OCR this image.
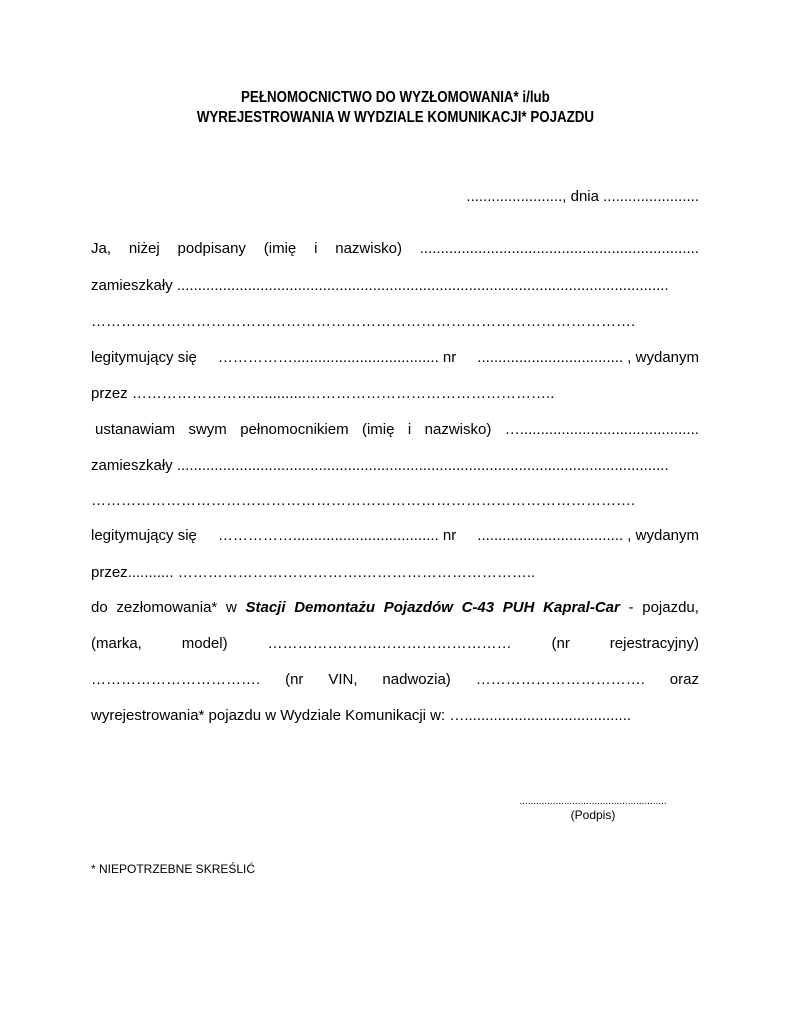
PEŁNOMOCNICTWO DO WYZŁOMOWANIA* i/lub
WYREJESTROWANIA W WYDZIALE KOMUNIKACJI* POJAZDU
......................., dnia .......................
Ja, niżej podpisany (imię i nazwisko) ...................................................................
zamieszkały ......................................................................................................................
……………………………………………………………………………………………….
legitymujący się ……………................................... nr ................................... , wydanym
przez …………………….............…………………………………………..
ustanawiam swym pełnomocnikiem (imię i nazwisko) …...........................................
zamieszkały ......................................................................................................................
……………………………………………………………………………………………….
legitymujący się ……………................................... nr ................................... , wydanym
przez........... ……………………………….……………………………..
do zezłomowania* w Stacji Demontażu Pojazdów C-43 PUH Kapral-Car - pojazdu,
(marka,	model)	………………….………………………	(nr	rejestracyjny)
……………………………. (nr VIN, nadwozia) ……………………………. oraz
wyrejestrowania* pojazdu w Wydziale Komunikacji w: …........................................
.....................................................
(Podpis)
* NIEPOTRZEBNE SKREŚLIĆ
